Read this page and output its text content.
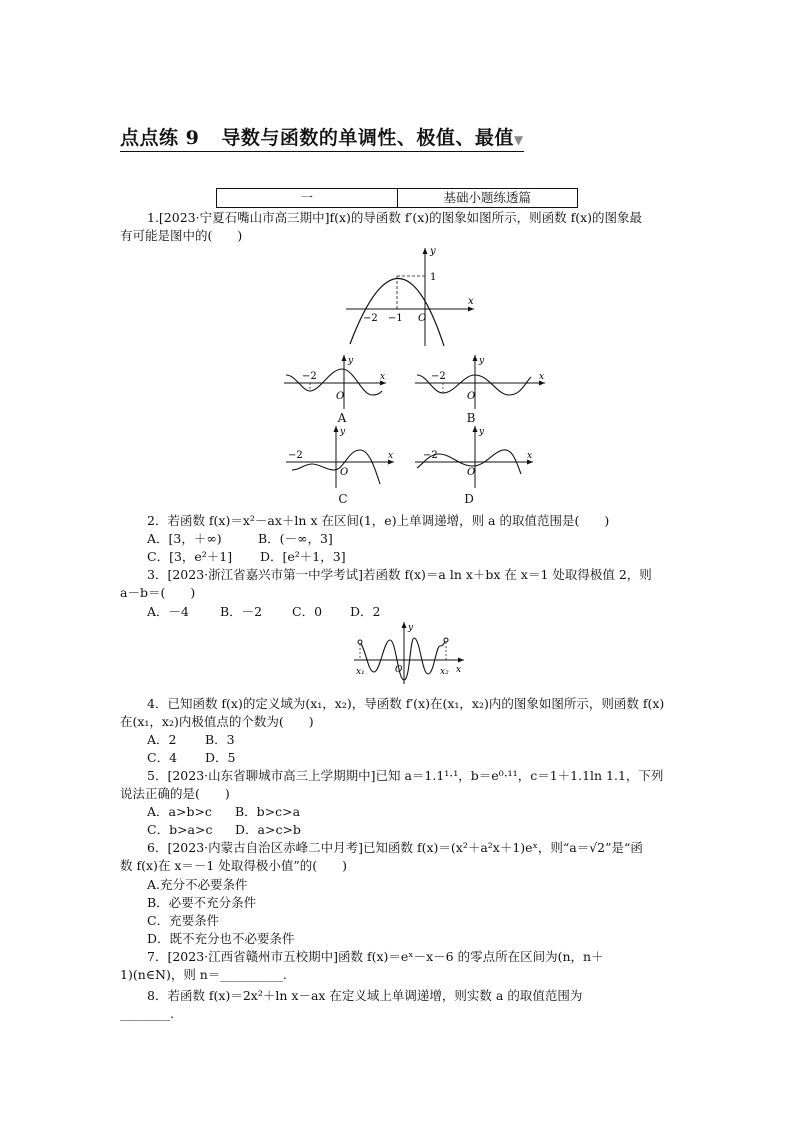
点点练 9 导数与函数的单调性、极值、最值▼
一	基础小题练透篇
1.[2023·宁夏石嘴山市高三期中]f(x)的导函数 f′(x)的图象如图所示，则函数 f(x)的图象最
有可能是图中的(　　)
y
x
1
−2 −1 O
−2
O
y
x
A
−2
O
y
x
B
−2
O
y
x
C
−2
O
y
x
D
2．若函数 f(x)＝x²－ax＋ln x 在区间(1，e)上单调递增，则 a 的取值范围是(　　)
A．[3，＋∞)	B．(－∞，3]
C．[3，e²＋1] D．[e²＋1，3]
3．[2023·浙江省嘉兴市第一中学考试]若函数 f(x)＝a ln x＋bx 在 x＝1 处取得极值 2，则
a－b＝(　　)
A．－4 B．－2 C．0 D．2
y
x
x₁	x₂
O
4．已知函数 f(x)的定义域为(x₁，x₂)，导函数 f′(x)在(x₁，x₂)内的图象如图所示，则函数 f(x)
在(x₁，x₂)内极值点的个数为(　　)
A．2 B．3
C．4 D．5
5．[2023·山东省聊城市高三上学期期中]已知 a＝1.1¹·¹，b＝e⁰·¹¹，c＝1＋1.1ln 1.1，下列
说法正确的是(　　)
A．a>b>c B．b>c>a
C．b>a>c D．a>c>b
6．[2023·内蒙古自治区赤峰二中月考]已知函数 f(x)＝(x²＋a²x＋1)eˣ，则“a＝√2”是“函
数 f(x)在 x＝－1 处取得极小值”的(　　)
A.充分不必要条件
B．必要不充分条件
C．充要条件
D．既不充分也不必要条件
7．[2023·江西省赣州市五校期中]函数 f(x)＝eˣ－x－6 的零点所在区间为(n，n＋
1)(n∈N)，则 n＝__________.
8．若函数 f(x)＝2x²＋ln x－ax 在定义域上单调递增，则实数 a 的取值范围为
________.
